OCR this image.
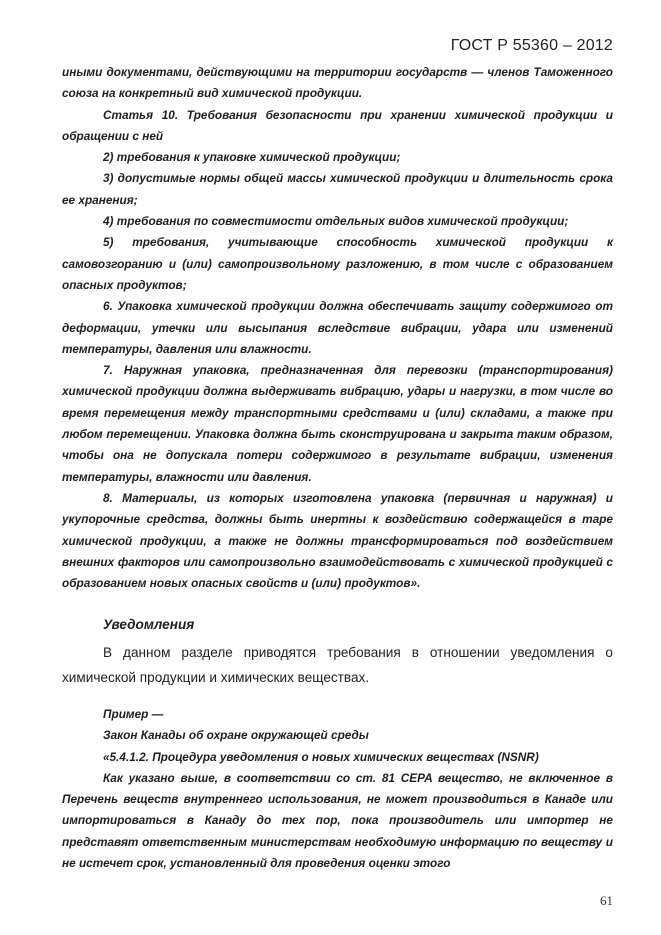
ГОСТ Р 55360 – 2012

иными документами, действующими на территории государств — членов Таможенного союза на конкретный вид химической продукции.

Статья 10. Требования безопасности при хранении химической продукции и обращении с ней

2) требования к упаковке химической продукции;

3) допустимые нормы общей массы химической продукции и длительность срока ее хранения;

4) требования по совместимости отдельных видов химической продукции;

5) требования, учитывающие способность химической продукции к самовозгоранию и (или) самопроизвольному разложению, в том числе с образованием опасных продуктов;

6. Упаковка химической продукции должна обеспечивать защиту содержимого от деформации, утечки или высыпания вследствие вибрации, удара или изменений температуры, давления или влажности.

7. Наружная упаковка, предназначенная для перевозки (транспортирования) химической продукции должна выдерживать вибрацию, удары и нагрузки, в том числе во время перемещения между транспортными средствами и (или) складами, а также при любом перемещении. Упаковка должна быть сконструирована и закрыта таким образом, чтобы она не допускала потери содержимого в результате вибрации, изменения температуры, влажности или давления.

8. Материалы, из которых изготовлена упаковка (первичная и наружная) и укупорочные средства, должны быть инертны к воздействию содержащейся в таре химической продукции, а также не должны трансформироваться под воздействием внешних факторов или самопроизвольно взаимодействовать с химической продукцией с образованием новых опасных свойств и (или) продуктов».

Уведомления

В данном разделе приводятся требования в отношении уведомления о химической продукции и химических веществах.

Пример —

Закон Канады об охране окружающей среды

«5.4.1.2. Процедура уведомления о новых химических веществах (NSNR)

Как указано выше, в соответствии со ст. 81 CEPA вещество, не включенное в Перечень веществ внутреннего использования, не может производиться в Канаде или импортироваться в Канаду до тех пор, пока производитель или импортер не представят ответственным министерствам необходимую информацию по веществу и не истечет срок, установленный для проведения оценки этого

61
